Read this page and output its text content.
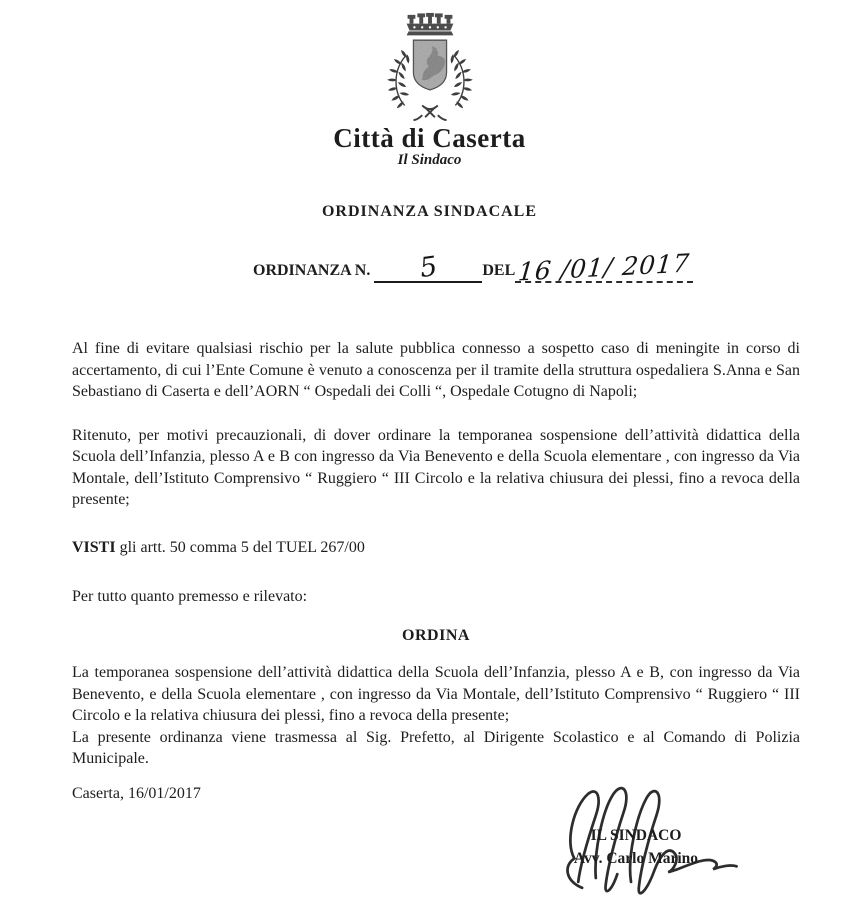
Città di Caserta
Il Sindaco
ORDINANZA SINDACALE
ORDINANZA N.	5	DEL 16 /01/ 2017

Al fine di evitare qualsiasi rischio per la salute pubblica connesso a sospetto caso di meningite in corso di accertamento, di cui l’Ente Comune è venuto a conoscenza per il tramite della struttura ospedaliera S.Anna e San Sebastiano di Caserta e dell’AORN “ Ospedali dei Colli “, Ospedale Cotugno di Napoli;

Ritenuto, per motivi precauzionali, di dover ordinare la temporanea sospensione dell’attività didattica della Scuola dell’Infanzia, plesso A e B con ingresso da Via Benevento e della Scuola elementare , con ingresso da Via Montale, dell’Istituto Comprensivo “ Ruggiero “ III Circolo e la relativa chiusura dei plessi, fino a revoca della presente;

VISTI gli artt. 50 comma 5 del TUEL 267/00

Per tutto quanto premesso e rilevato:

ORDINA

La temporanea sospensione dell’attività didattica della Scuola dell’Infanzia, plesso A e B, con ingresso da Via Benevento, e della Scuola elementare , con ingresso da Via Montale, dell’Istituto Comprensivo “ Ruggiero “ III Circolo e la relativa chiusura dei plessi, fino a revoca della presente;

La presente ordinanza viene trasmessa al Sig. Prefetto, al Dirigente Scolastico e al Comando di Polizia Municipale.

Caserta, 16/01/2017

IL SINDACO
Avv. Carlo Marino
